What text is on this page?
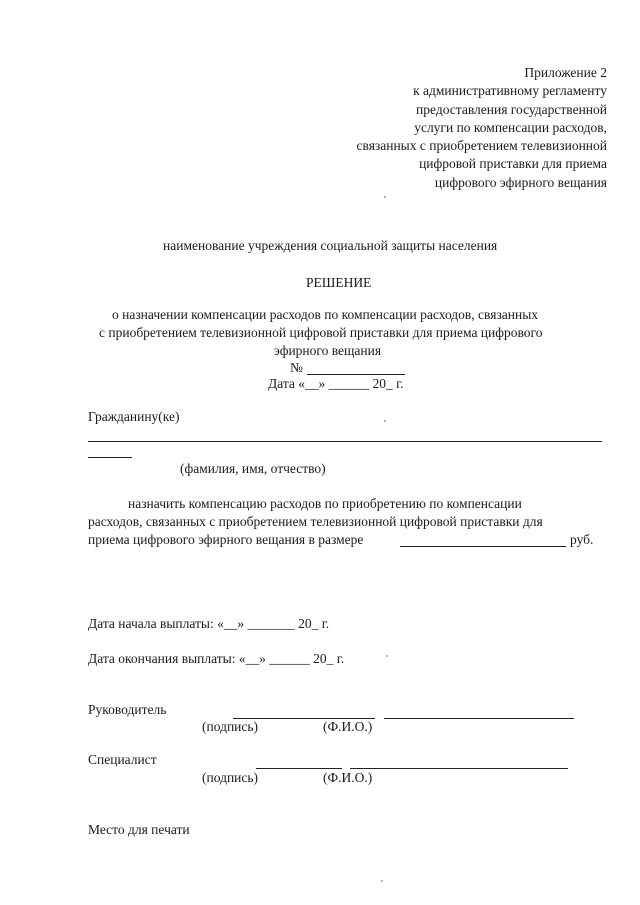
Приложение 2
к административному регламенту
предоставления государственной
услуги по компенсации расходов,
связанных с приобретением телевизионной
цифровой приставки для приема
цифрового эфирного вещания
наименование учреждения социальной защиты населения
РЕШЕНИЕ
о назначении компенсации расходов по компенсации расходов, связанных
с приобретением телевизионной цифровой приставки для приема цифрового
эфирного вещания
№
Дата «__» ______ 20_ г.
Гражданину(ке)
(фамилия, имя, отчество)
назначить компенсацию расходов по приобретению по компенсации
расходов, связанных с приобретением телевизионной цифровой приставки для
приема цифрового эфирного вещания в размере	руб.
Дата начала выплаты: «__» _______ 20_ г.
Дата окончания выплаты: «__» ______ 20_ г.
Руководитель
(подпись)	(Ф.И.О.)
Специалист
(подпись)	(Ф.И.О.)
Место для печати
